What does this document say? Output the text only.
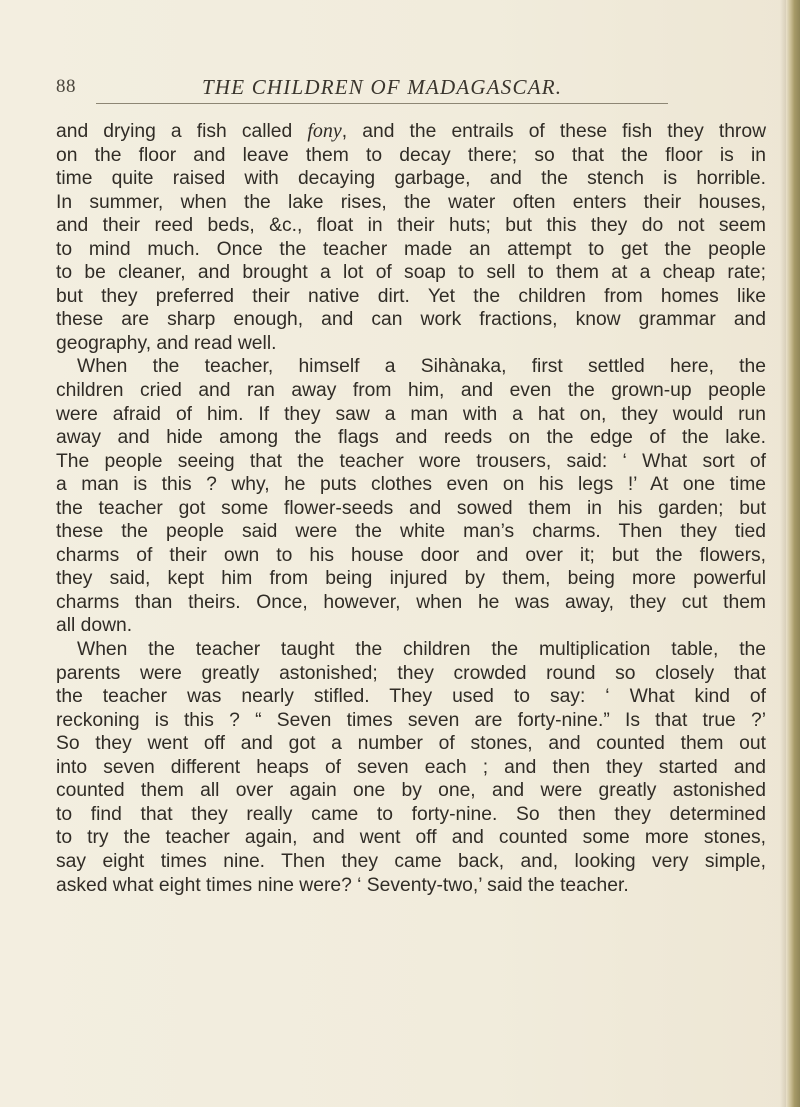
88	THE CHILDREN OF MADAGASCAR.
and drying a fish called fony, and the entrails of these fish they throw
on the floor and leave them to decay there; so that the floor is in
time quite raised with decaying garbage, and the stench is horrible.
In summer, when the lake rises, the water often enters their houses,
and their reed beds, &c., float in their huts; but this they do not seem
to mind much. Once the teacher made an attempt to get the people
to be cleaner, and brought a lot of soap to sell to them at a cheap rate;
but they preferred their native dirt. Yet the children from homes like
these are sharp enough, and can work fractions, know grammar and
geography, and read well.
When the teacher, himself a Sihànaka, first settled here, the
children cried and ran away from him, and even the grown-up people
were afraid of him. If they saw a man with a hat on, they would run
away and hide among the flags and reeds on the edge of the lake.
The people seeing that the teacher wore trousers, said: ‘ What sort of
a man is this ? why, he puts clothes even on his legs !’ At one time
the teacher got some flower-seeds and sowed them in his garden; but
these the people said were the white man’s charms. Then they tied
charms of their own to his house door and over it; but the flowers,
they said, kept him from being injured by them, being more powerful
charms than theirs. Once, however, when he was away, they cut them
all down.
When the teacher taught the children the multiplication table, the
parents were greatly astonished; they crowded round so closely that
the teacher was nearly stifled. They used to say: ‘ What kind of
reckoning is this ? “ Seven times seven are forty-nine.” Is that true ?’
So they went off and got a number of stones, and counted them out
into seven different heaps of seven each ; and then they started and
counted them all over again one by one, and were greatly astonished
to find that they really came to forty-nine. So then they determined
to try the teacher again, and went off and counted some more stones,
say eight times nine. Then they came back, and, looking very simple,
asked what eight times nine were? ‘ Seventy-two,’ said the teacher.
